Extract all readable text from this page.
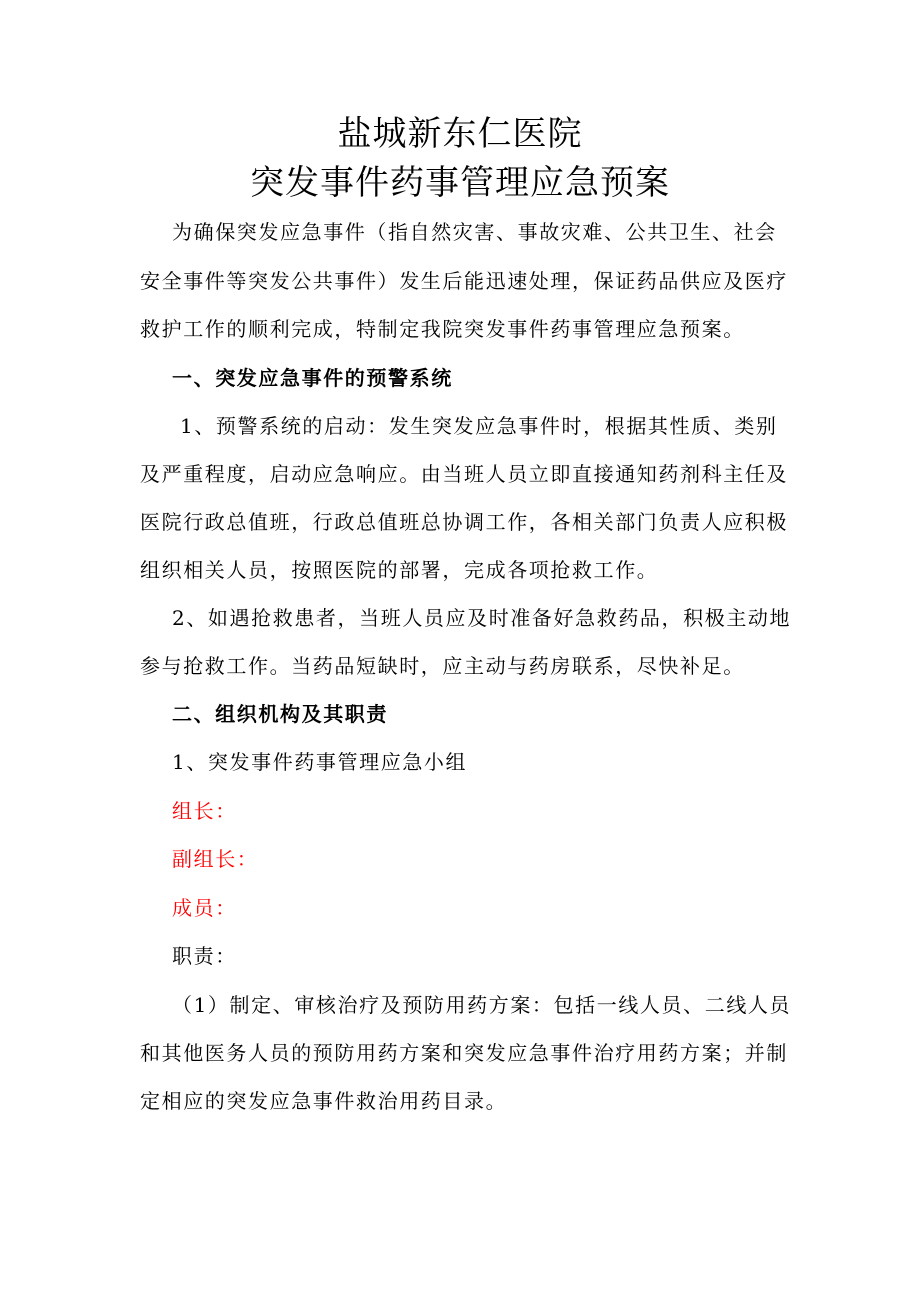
盐城新东仁医院
突发事件药事管理应急预案

为确保突发应急事件（指自然灾害、事故灾难、公共卫生、社会

安全事件等突发公共事件）发生后能迅速处理，保证药品供应及医疗

救护工作的顺利完成，特制定我院突发事件药事管理应急预案。

一、突发应急事件的预警系统

1、预警系统的启动：发生突发应急事件时，根据其性质、类别

及严重程度，启动应急响应。由当班人员立即直接通知药剂科主任及

医院行政总值班，行政总值班总协调工作，各相关部门负责人应积极

组织相关人员，按照医院的部署，完成各项抢救工作。

2、如遇抢救患者，当班人员应及时准备好急救药品，积极主动地

参与抢救工作。当药品短缺时，应主动与药房联系，尽快补足。

二、组织机构及其职责

1、突发事件药事管理应急小组

组长：

副组长：

成员：

职责：

（1）制定、审核治疗及预防用药方案：包括一线人员、二线人员

和其他医务人员的预防用药方案和突发应急事件治疗用药方案；并制

定相应的突发应急事件救治用药目录。
